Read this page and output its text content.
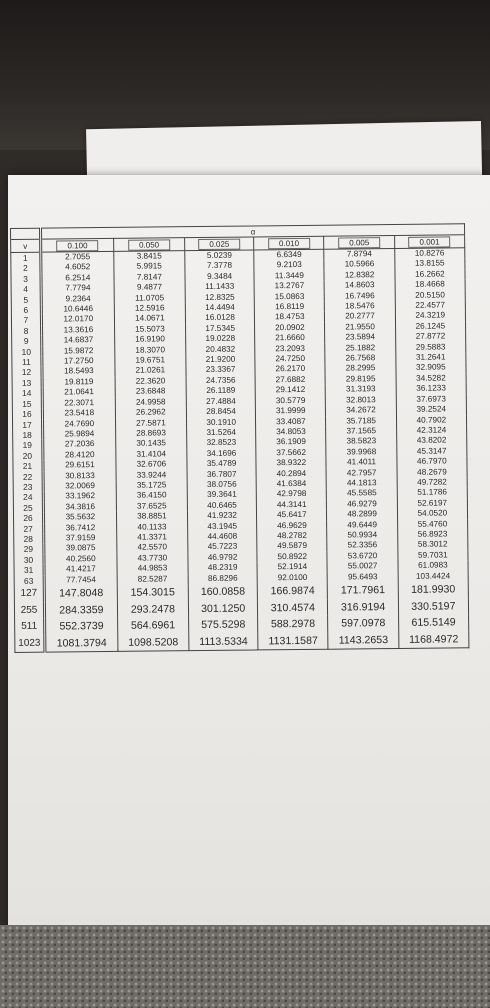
	α					
v	0.100	0.050	0.025	0.010	0.005	0.001
1	2.7055	3.8415	5.0239	6.6349	7.8794	10.8276
2	4.6052	5.9915	7.3778	9.2103	10.5966	13.8155
3	6.2514	7.8147	9.3484	11.3449	12.8382	16.2662
4	7.7794	9.4877	11.1433	13.2767	14.8603	18.4668
5	9.2364	11.0705	12.8325	15.0863	16.7496	20.5150
6	10.6446	12.5916	14.4494	16.8119	18.5476	22.4577
7	12.0170	14.0671	16.0128	18.4753	20.2777	24.3219
8	13.3616	15.5073	17.5345	20.0902	21.9550	26.1245
9	14.6837	16.9190	19.0228	21.6660	23.5894	27.8772
10	15.9872	18.3070	20.4832	23.2093	25.1882	29.5883
11	17.2750	19.6751	21.9200	24.7250	26.7568	31.2641
12	18.5493	21.0261	23.3367	26.2170	28.2995	32.9095
13	19.8119	22.3620	24.7356	27.6882	29.8195	34.5282
14	21.0641	23.6848	26.1189	29.1412	31.3193	36.1233
15	22.3071	24.9958	27.4884	30.5779	32.8013	37.6973
16	23.5418	26.2962	28.8454	31.9999	34.2672	39.2524
17	24.7690	27.5871	30.1910	33.4087	35.7185	40.7902
18	25.9894	28.8693	31.5264	34.8053	37.1565	42.3124
19	27.2036	30.1435	32.8523	36.1909	38.5823	43.8202
20	28.4120	31.4104	34.1696	37.5662	39.9968	45.3147
21	29.6151	32.6706	35.4789	38.9322	41.4011	46.7970
22	30.8133	33.9244	36.7807	40.2894	42.7957	48.2679
23	32.0069	35.1725	38.0756	41.6384	44.1813	49.7282
24	33.1962	36.4150	39.3641	42.9798	45.5585	51.1786
25	34.3816	37.6525	40.6465	44.3141	46.9279	52.6197
26	35.5632	38.8851	41.9232	45.6417	48.2899	54.0520
27	36.7412	40.1133	43.1945	46.9629	49.6449	55.4760
28	37.9159	41.3371	44.4608	48.2782	50.9934	56.8923
29	39.0875	42.5570	45.7223	49.5879	52.3356	58.3012
30	40.2560	43.7730	46.9792	50.8922	53.6720	59.7031
31	41.4217	44.9853	48.2319	52.1914	55.0027	61.0983
63	77.7454	82.5287	86.8296	92.0100	95.6493	103.4424
127	147.8048	154.3015	160.0858	166.9874	171.7961	181.9930
255	284.3359	293.2478	301.1250	310.4574	316.9194	330.5197
511	552.3739	564.6961	575.5298	588.2978	597.0978	615.5149
1023	1081.3794	1098.5208	1113.5334	1131.1587	1143.2653	1168.4972
